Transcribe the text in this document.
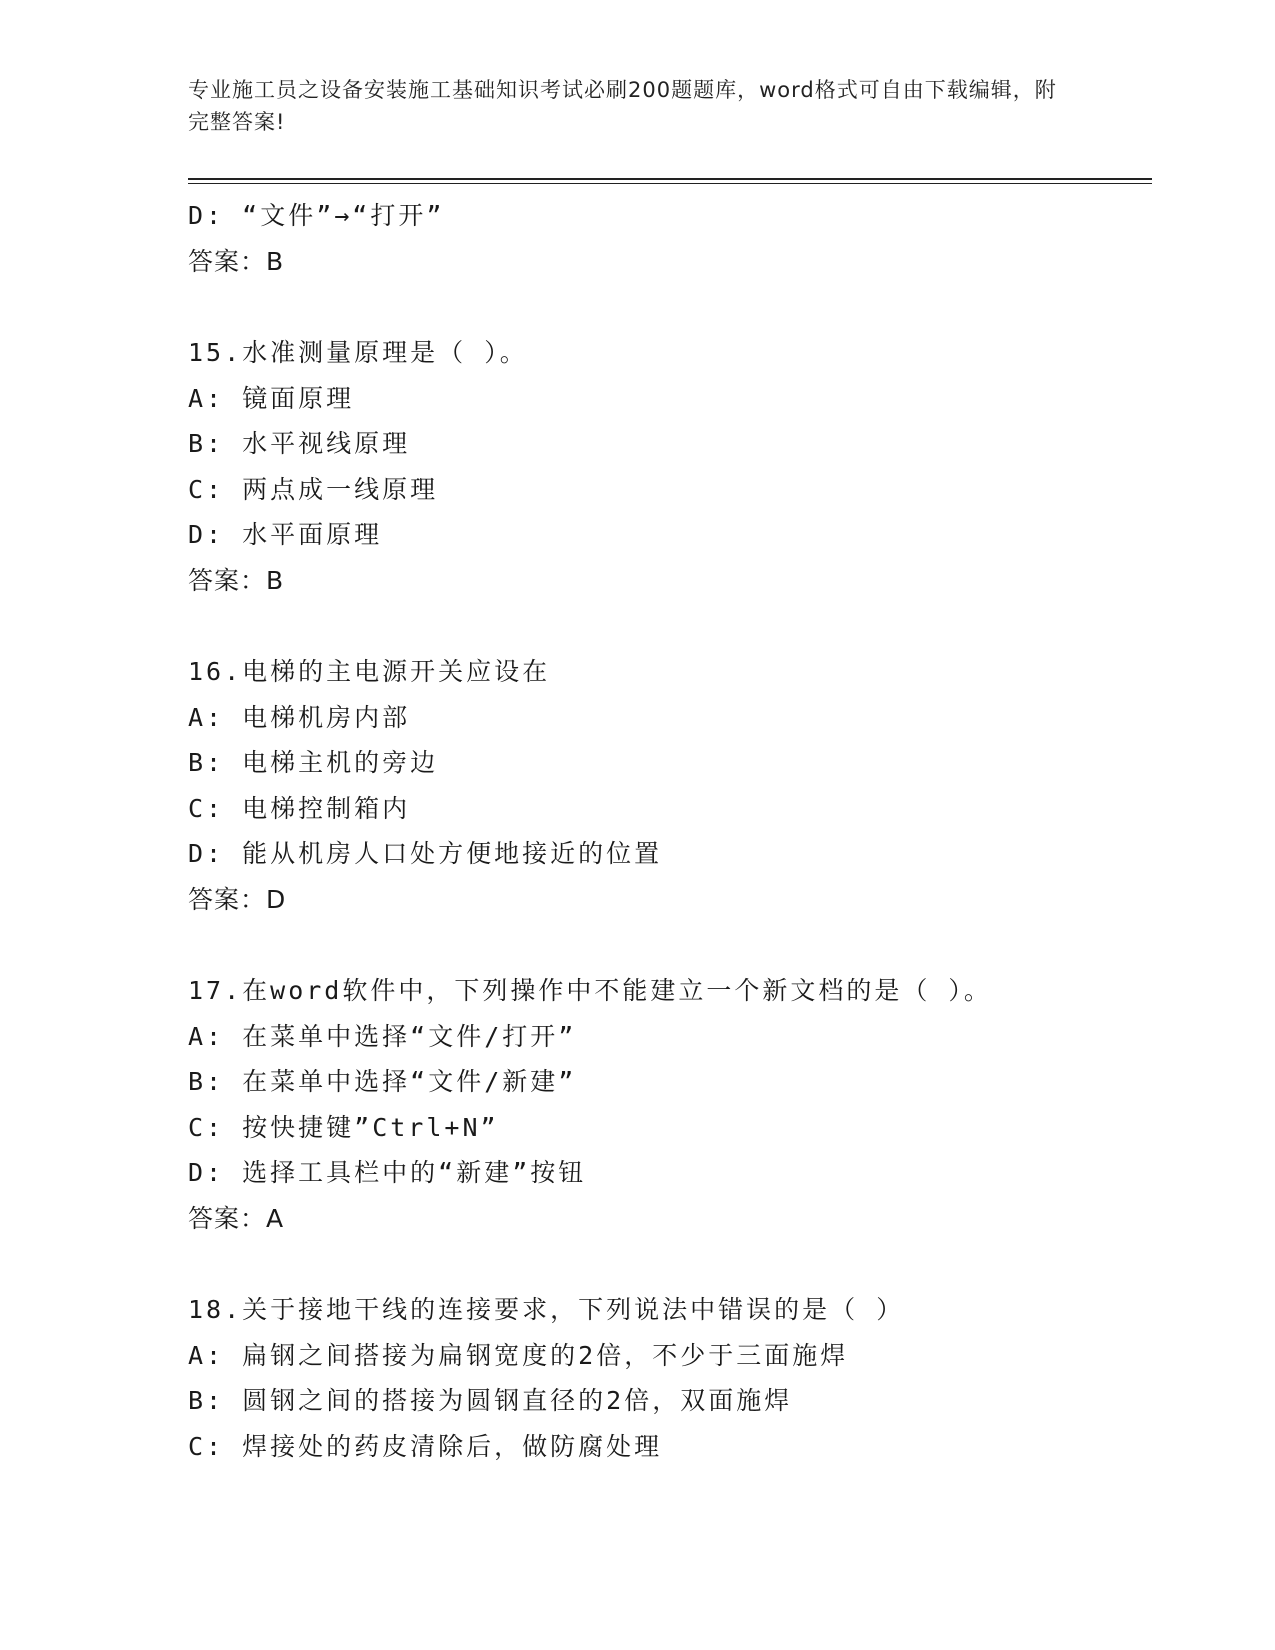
专业施工员之设备安装施工基础知识考试必刷200题题库，word格式可自由下载编辑，附完整答案!
D: “文件”→“打开”
答案：B
15.水准测量原理是（ ）。
A: 镜面原理
B: 水平视线原理
C: 两点成一线原理
D: 水平面原理
答案：B
16.电梯的主电源开关应设在
A: 电梯机房内部
B: 电梯主机的旁边
C: 电梯控制箱内
D: 能从机房人口处方便地接近的位置
答案：D
17.在word软件中，下列操作中不能建立一个新文档的是（ ）。
A: 在菜单中选择“文件/打开”
B: 在菜单中选择“文件/新建”
C: 按快捷键”Ctrl+N”
D: 选择工具栏中的“新建”按钮
答案：A
18.关于接地干线的连接要求，下列说法中错误的是（ ）
A: 扁钢之间搭接为扁钢宽度的2倍，不少于三面施焊
B: 圆钢之间的搭接为圆钢直径的2倍，双面施焊
C: 焊接处的药皮清除后，做防腐处理
